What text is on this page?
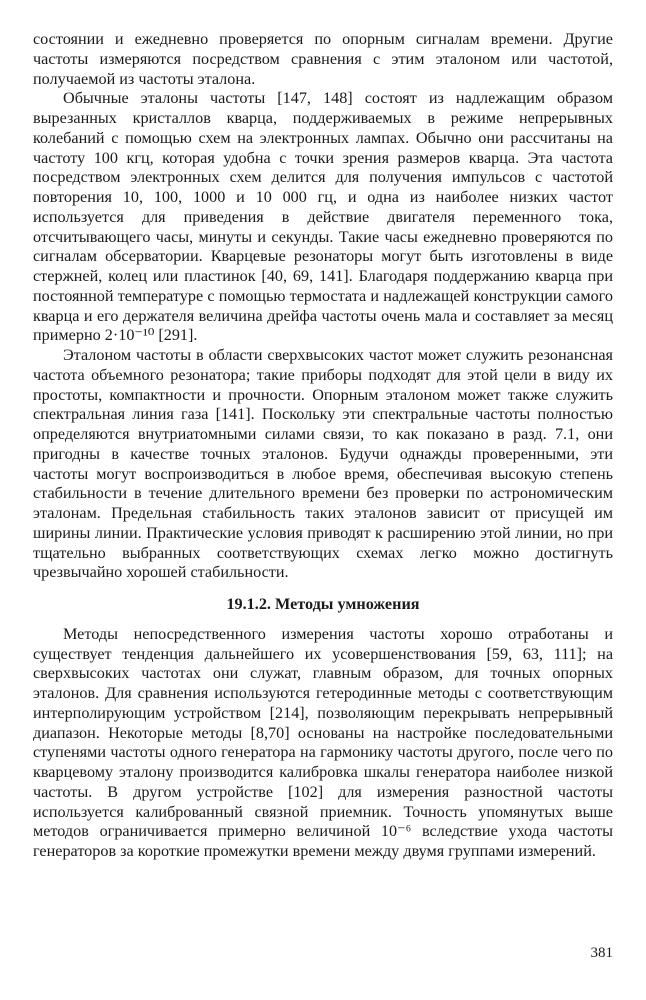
состоянии и ежедневно проверяется по опорным сигналам времени. Другие частоты измеряются посредством сравнения с этим эталоном или частотой, получаемой из частоты эталона.

Обычные эталоны частоты [147, 148] состоят из надлежащим образом вырезанных кристаллов кварца, поддерживаемых в режиме непрерывных колебаний с помощью схем на электронных лампах. Обычно они рассчитаны на частоту 100 кгц, которая удобна с точки зрения размеров кварца. Эта частота посредством электронных схем делится для получения импульсов с частотой повторения 10, 100, 1000 и 10 000 гц, и одна из наиболее низких частот используется для приведения в действие двигателя переменного тока, отсчитывающего часы, минуты и секунды. Такие часы ежедневно проверяются по сигналам обсерватории. Кварцевые резонаторы могут быть изготовлены в виде стержней, колец или пластинок [40, 69, 141]. Благодаря поддержанию кварца при постоянной температуре с помощью термостата и надлежащей конструкции самого кварца и его держателя величина дрейфа частоты очень мала и составляет за месяц примерно 2·10⁻¹⁰ [291].

Эталоном частоты в области сверхвысоких частот может служить резонансная частота объемного резонатора; такие приборы подходят для этой цели в виду их простоты, компактности и прочности. Опорным эталоном может также служить спектральная линия газа [141]. Поскольку эти спектральные частоты полностью определяются внутриатомными силами связи, то как показано в разд. 7.1, они пригодны в качестве точных эталонов. Будучи однажды проверенными, эти частоты могут воспроизводиться в любое время, обеспечивая высокую степень стабильности в течение длительного времени без проверки по астрономическим эталонам. Предельная стабильность таких эталонов зависит от присущей им ширины линии. Практические условия приводят к расширению этой линии, но при тщательно выбранных соответствующих схемах легко можно достигнуть чрезвычайно хорошей стабильности.

19.1.2. Методы умножения

Методы непосредственного измерения частоты хорошо отработаны и существует тенденция дальнейшего их усовершенствования [59, 63, 111]; на сверхвысоких частотах они служат, главным образом, для точных опорных эталонов. Для сравнения используются гетеродинные методы с соответствующим интерполирующим устройством [214], позволяющим перекрывать непрерывный диапазон. Некоторые методы [8,70] основаны на настройке последовательными ступенями частоты одного генератора на гармонику частоты другого, после чего по кварцевому эталону производится калибровка шкалы генератора наиболее низкой частоты. В другом устройстве [102] для измерения разностной частоты используется калиброванный связной приемник. Точность упомянутых выше методов ограничивается примерно величиной 10⁻⁶ вследствие ухода частоты генераторов за короткие промежутки времени между двумя группами измерений.

381
